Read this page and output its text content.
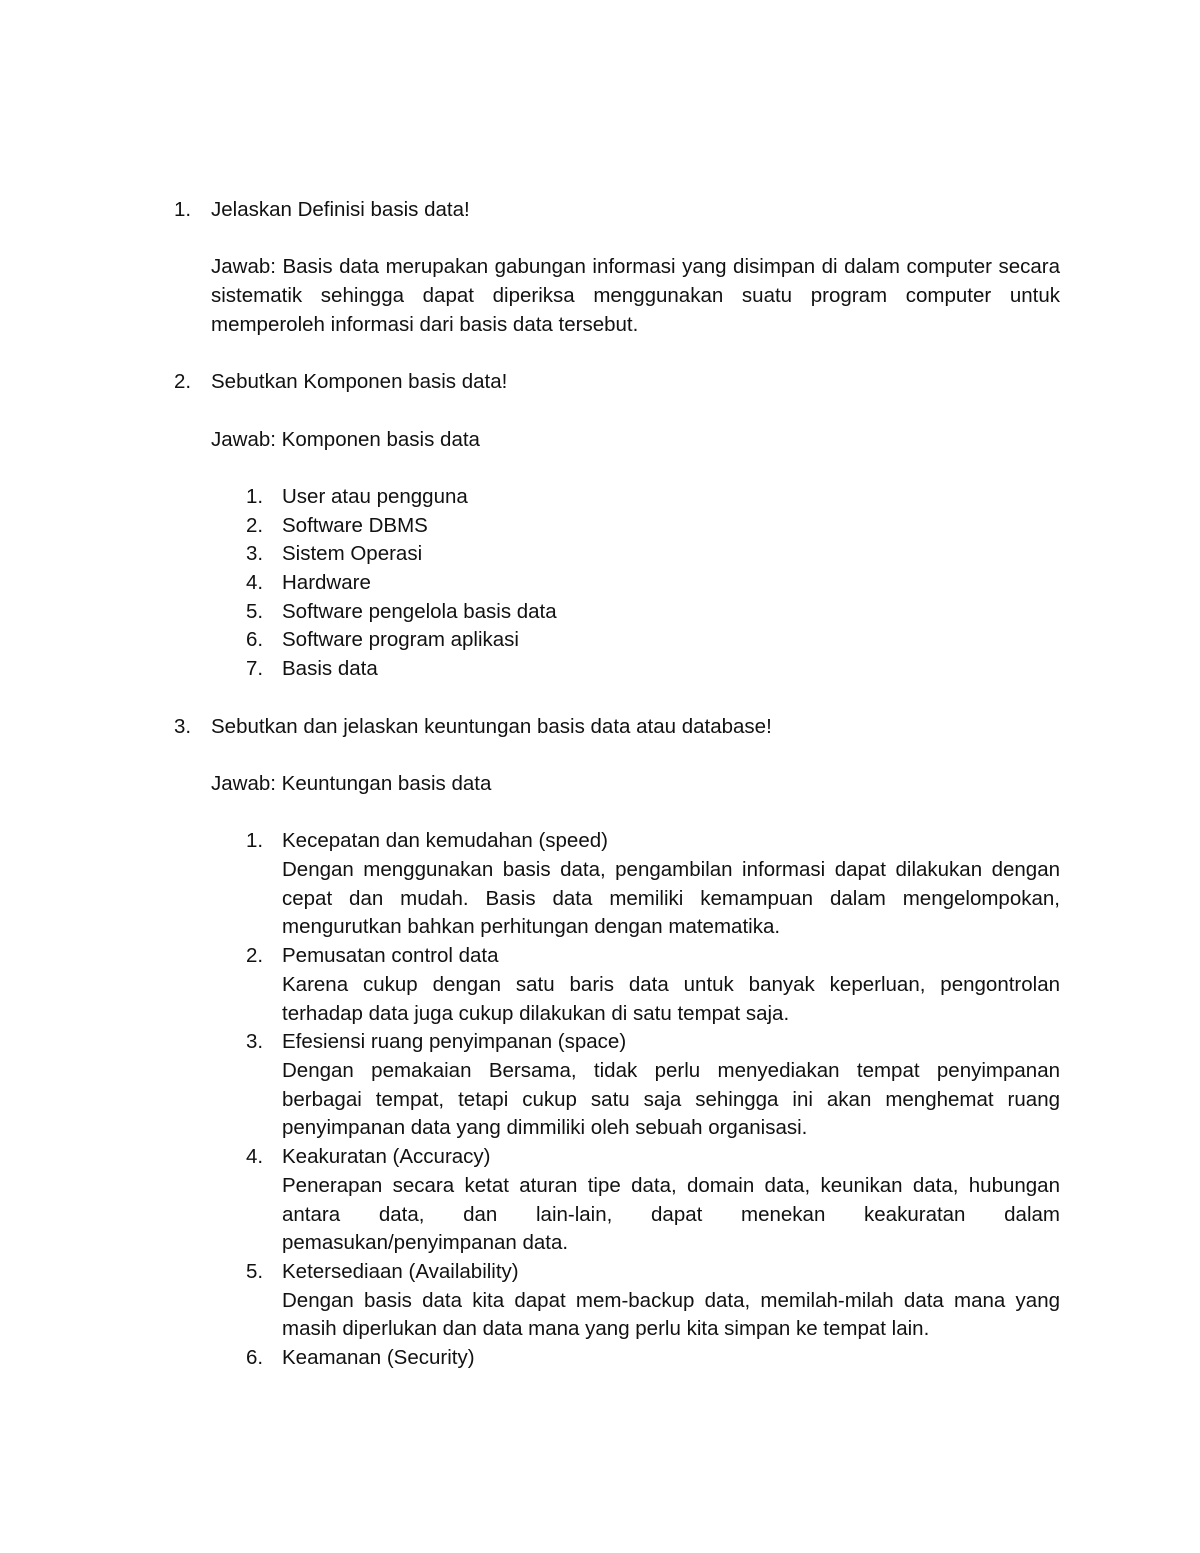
1. Jelaskan Definisi basis data!

Jawab: Basis data merupakan gabungan informasi yang disimpan di dalam computer secara sistematik sehingga dapat diperiksa menggunakan suatu program computer untuk memperoleh informasi dari basis data tersebut.

2. Sebutkan Komponen basis data!

Jawab: Komponen basis data

1. User atau pengguna
2. Software DBMS
3. Sistem Operasi
4. Hardware
5. Software pengelola basis data
6. Software program aplikasi
7. Basis data
3. Sebutkan dan jelaskan keuntungan basis data atau database!

Jawab: Keuntungan basis data

1. Kecepatan dan kemudahan (speed)

Dengan menggunakan basis data, pengambilan informasi dapat dilakukan dengan cepat dan mudah. Basis data memiliki kemampuan dalam mengelompokan, mengurutkan bahkan perhitungan dengan matematika.

2. Pemusatan control data

Karena cukup dengan satu baris data untuk banyak keperluan, pengontrolan terhadap data juga cukup dilakukan di satu tempat saja.

3. Efesiensi ruang penyimpanan (space)

Dengan pemakaian Bersama, tidak perlu menyediakan tempat penyimpanan berbagai tempat, tetapi cukup satu saja sehingga ini akan menghemat ruang penyimpanan data yang dimmiliki oleh sebuah organisasi.

4. Keakuratan (Accuracy)

Penerapan secara ketat aturan tipe data, domain data, keunikan data, hubungan antara data, dan lain-lain, dapat menekan keakuratan dalam pemasukan/penyimpanan data.

5. Ketersediaan (Availability)

Dengan basis data kita dapat mem-backup data, memilah-milah data mana yang masih diperlukan dan data mana yang perlu kita simpan ke tempat lain.

6. Keamanan (Security)
